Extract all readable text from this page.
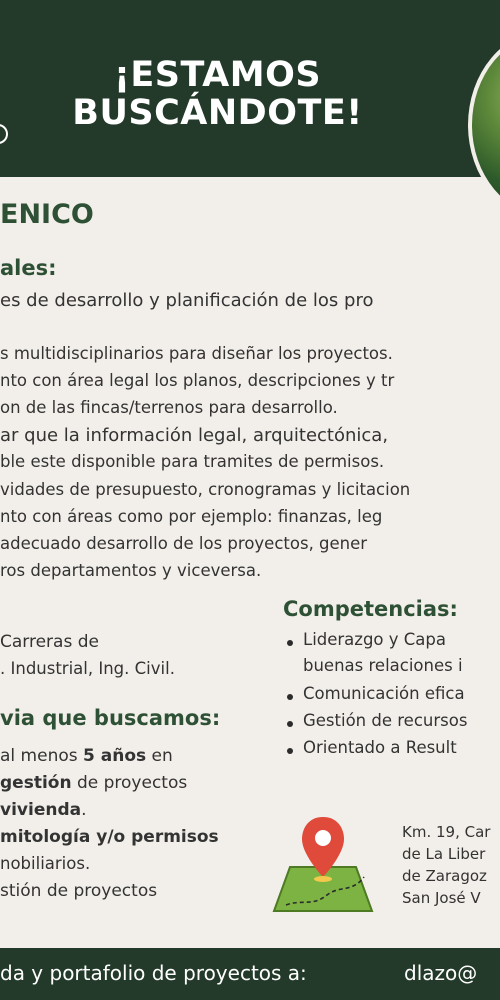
¡ESTAMOS
BUSCÁNDOTE!
ENICO
ales:
es de desarrollo y planificación de los pro
s multidisciplinarios para diseñar los proyectos.
nto con área legal los planos, descripciones y tr
on de las fincas/terrenos para desarrollo.
ar que la información legal, arquitectónica,
ble este disponible para tramites de permisos.
vidades de presupuesto, cronogramas y licitacion
nto con áreas como por ejemplo: finanzas, leg
adecuado desarrollo de los proyectos, gener
ros departamentos y viceversa.
Carreras de
. Industrial, Ing. Civil.
via que buscamos:
al menos 5 años en
gestión de proyectos
vivienda.
mitología y/o permisos
nobiliarios.
stión de proyectos
Competencias:
Liderazgo y Capa
buenas relaciones i
Comunicación efica
Gestión de recursos
Orientado a Result
Km. 19, Car
de La Liber
de Zaragoz
San José V
da y portafolio de proyectos a:	dlazo@
